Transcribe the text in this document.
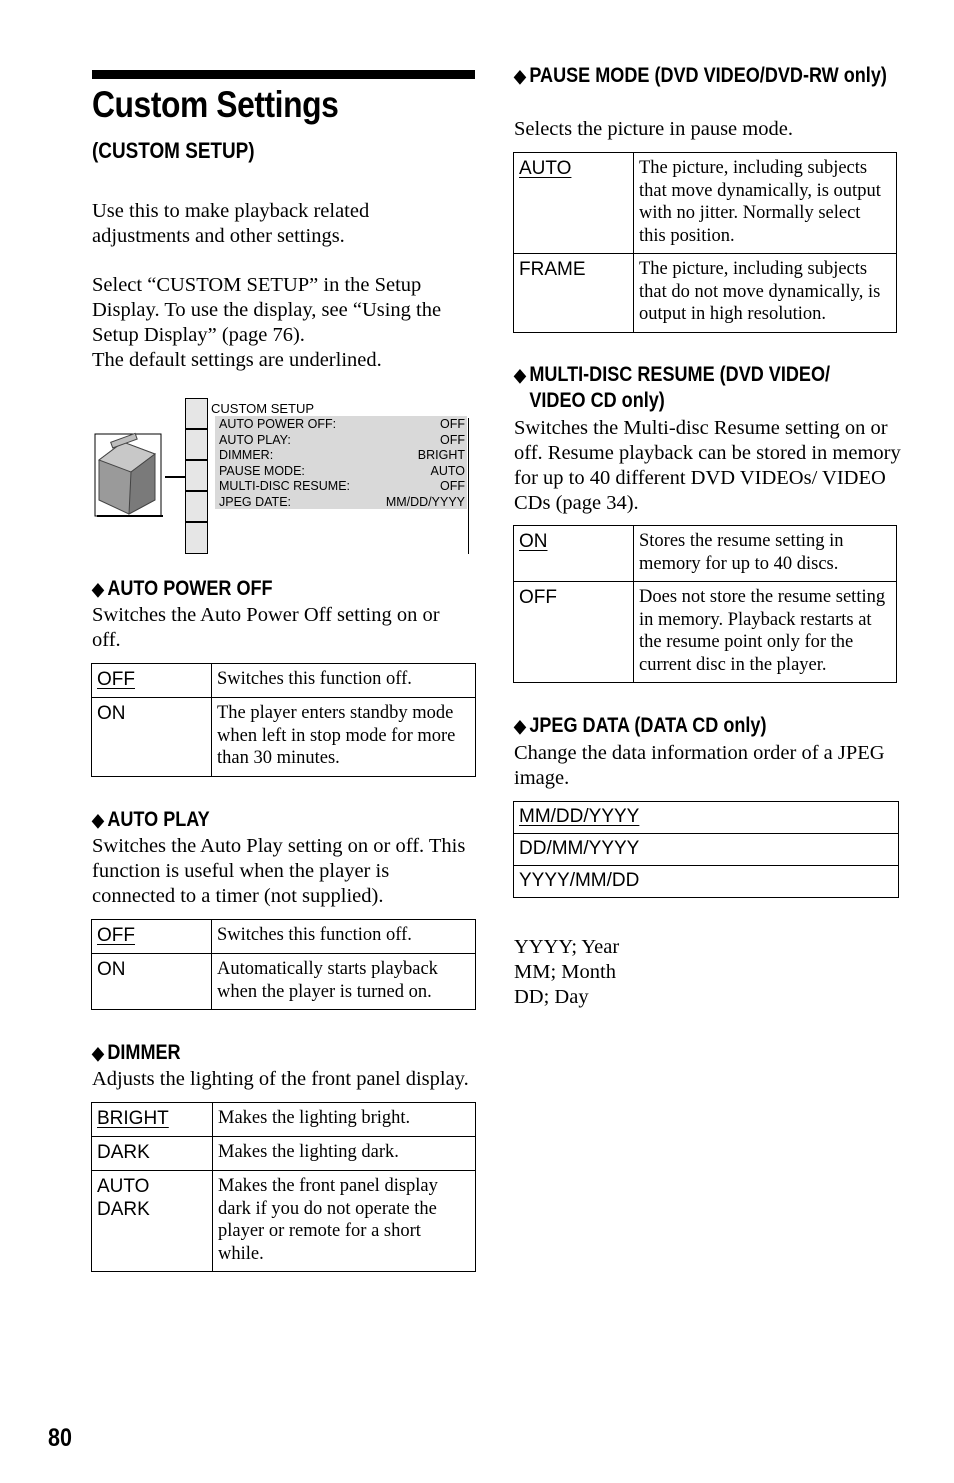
Custom Settings
(CUSTOM SETUP)
Use this to make playback related adjustments and other settings.
Select “CUSTOM SETUP” in the Setup Display. To use the display, see “Using the Setup Display” (page 76).
The default settings are underlined.
CUSTOM SETUP
AUTO POWER OFF:	OFF
AUTO PLAY:	OFF
DIMMER:	BRIGHT
PAUSE MODE:	AUTO
MULTI-DISC RESUME:	OFF
JPEG DATE:	MM/DD/YYYY
◆ AUTO POWER OFF
Switches the Auto Power Off setting on or off.
OFF	Switches this function off.
ON	The player enters standby mode when left in stop mode for more than 30 minutes.
◆ AUTO PLAY
Switches the Auto Play setting on or off. This function is useful when the player is connected to a timer (not supplied).
OFF	Switches this function off.
ON	Automatically starts playback when the player is turned on.
◆ DIMMER
Adjusts the lighting of the front panel display.
BRIGHT	Makes the lighting bright.
DARK	Makes the lighting dark.
AUTO DARK	Makes the front panel display dark if you do not operate the player or remote for a short while.
◆ PAUSE MODE (DVD VIDEO/DVD-RW only)
Selects the picture in pause mode.
AUTO	The picture, including subjects that move dynamically, is output with no jitter. Normally select this position.
FRAME	The picture, including subjects that do not move dynamically, is output in high resolution.
◆ MULTI-DISC RESUME (DVD VIDEO/ VIDEO CD only)
Switches the Multi-disc Resume setting on or off. Resume playback can be stored in memory for up to 40 different DVD VIDEOs/ VIDEO CDs (page 34).
ON	Stores the resume setting in memory for up to 40 discs.
OFF	Does not store the resume setting in memory. Playback restarts at the resume point only for the current disc in the player.
◆ JPEG DATA (DATA CD only)
Change the data information order of a JPEG image.
MM/DD/YYYY
DD/MM/YYYY
YYYY/MM/DD
YYYY; Year
MM; Month
DD; Day
80
